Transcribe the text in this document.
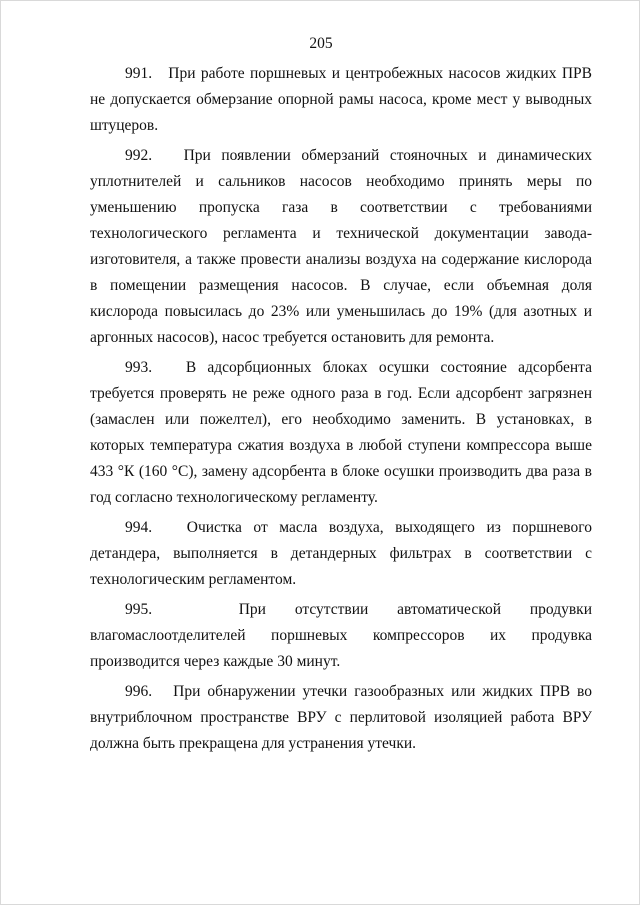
205

991. При работе поршневых и центробежных насосов жидких ПРВ не допускается обмерзание опорной рамы насоса, кроме мест у выводных штуцеров.

992. При появлении обмерзаний стояночных и динамических уплотнителей и сальников насосов необходимо принять меры по уменьшению пропуска газа в соответствии с требованиями технологического регламента и технической документации завода-изготовителя, а также провести анализы воздуха на содержание кислорода в помещении размещения насосов. В случае, если объемная доля кислорода повысилась до 23% или уменьшилась до 19% (для азотных и аргонных насосов), насос требуется остановить для ремонта.

993. В адсорбционных блоках осушки состояние адсорбента требуется проверять не реже одного раза в год. Если адсорбент загрязнен (замаслен или пожелтел), его необходимо заменить. В установках, в которых температура сжатия воздуха в любой ступени компрессора выше 433 °К (160 °С), замену адсорбента в блоке осушки производить два раза в год согласно технологическому регламенту.

994. Очистка от масла воздуха, выходящего из поршневого детандера, выполняется в детандерных фильтрах в соответствии с технологическим регламентом.

995.	При отсутствии автоматической продувки влагомаслоотделителей поршневых компрессоров их продувка производится через каждые 30 минут.

996. При обнаружении утечки газообразных или жидких ПРВ во внутриблочном пространстве ВРУ с перлитовой изоляцией работа ВРУ должна быть прекращена для устранения утечки.
